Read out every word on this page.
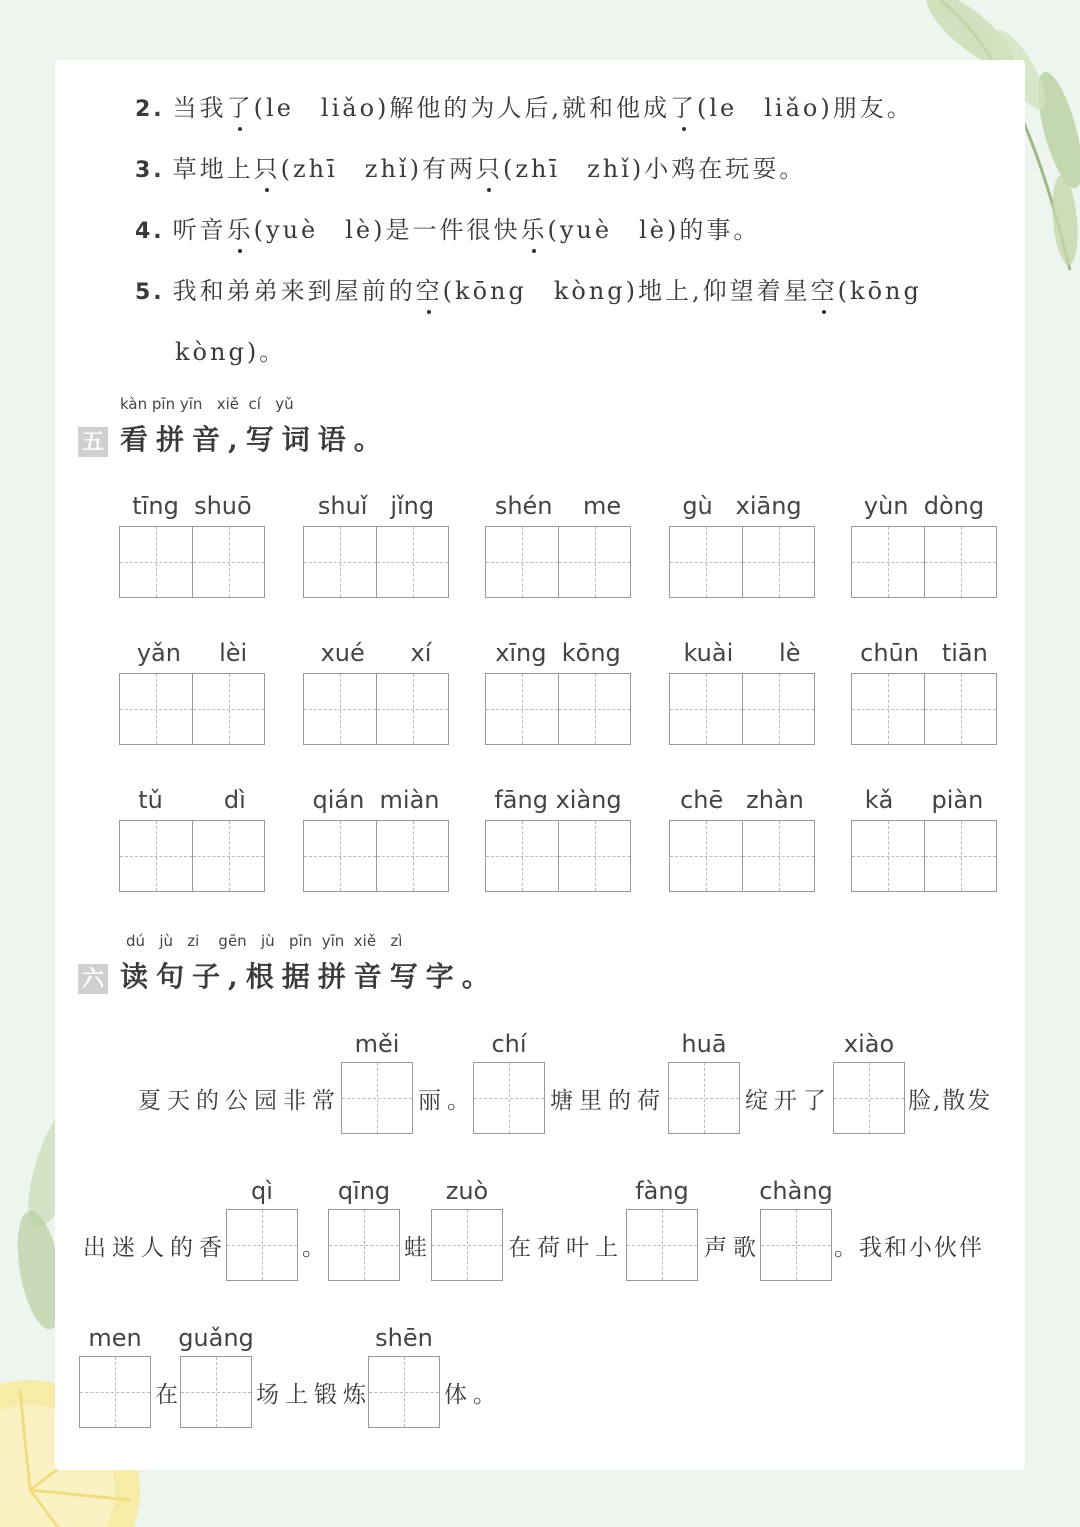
2. 当我了(le　liǎo)解他的为人后,就和他成了(le　liǎo)朋友。
3. 草地上只(zhī　zhǐ)有两只(zhī　zhǐ)小鸡在玩耍。
4. 听音乐(yuè　lè)是一件很快乐(yuè　lè)的事。
5. 我和弟弟来到屋前的空(kōng　kòng)地上,仰望着星空(kōng
kòng)。
kàn pīn yīn   xiě  cí   yǔ
五 看拼音,写词语。
tīng  shuō	shuǐ   jǐng	shén    me	gù   xiāng	yùn  dòng
yǎn     lèi	xué      xí	xīng  kōng	kuài      lè	chūn   tiān
tǔ        dì	qián  miàn	fāng xiàng	chē   zhàn	kǎ     piàn
dú   jù   zi    gēn   jù   pīn  yīn  xiě   zì
六 读句子,根据拼音写字。
夏天的公园非常
měi
丽。
chí
塘里的荷
huā
绽开了
xiào
脸,散发
出迷人的香
qì
。
qīng
蛙
zuò
在荷叶上
fàng
声歌
chàng
。我和小伙伴
men
在
guǎng
场上锻炼
shēn
体。
